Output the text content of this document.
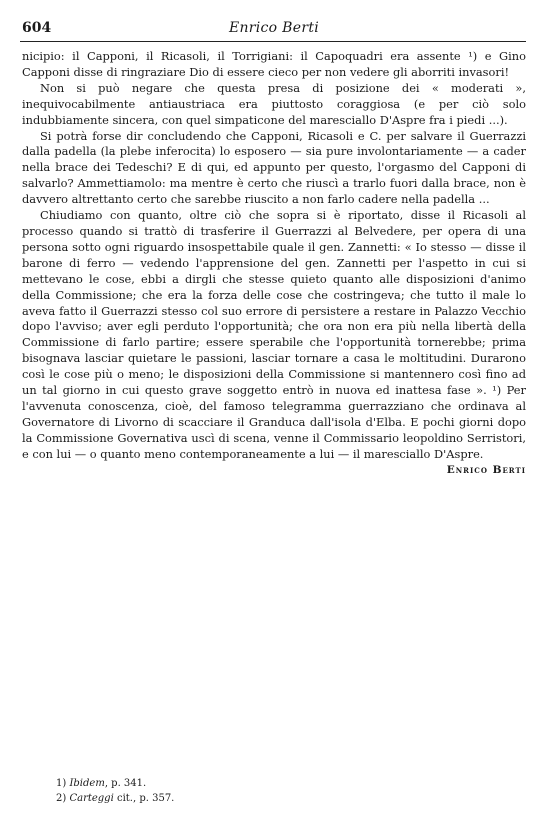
604	Enrico Berti

nicipio: il Capponi, il Ricasoli, il Torrigiani: il Capoquadri era assente ¹) e Gino Capponi disse di ringraziare Dio di essere cieco per non vedere gli aborriti invasori!

Non si può negare che questa presa di posizione dei « moderati », inequivocabilmente antiaustriaca era piuttosto coraggiosa (e per ciò solo indubbiamente sincera, con quel simpaticone del maresciallo D'Aspre fra i piedi ...).

Si potrà forse dir concludendo che Capponi, Ricasoli e C. per salvare il Guerrazzi dalla padella (la plebe inferocita) lo esposero — sia pure involontariamente — a cader nella brace dei Tedeschi? E di qui, ed appunto per questo, l'orgasmo del Capponi di salvarlo? Ammettiamolo: ma mentre è certo che riuscì a trarlo fuori dalla brace, non è davvero altrettanto certo che sarebbe riuscito a non farlo cadere nella padella ...

Chiudiamo con quanto, oltre ciò che sopra si è riportato, disse il Ricasoli al processo quando si trattò di trasferire il Guerrazzi al Belvedere, per opera di una persona sotto ogni riguardo insospettabile quale il gen. Zannetti: « Io stesso — disse il barone di ferro — vedendo l'apprensione del gen. Zannetti per l'aspetto in cui si mettevano le cose, ebbi a dirgli che stesse quieto quanto alle disposizioni d'animo della Commissione; che era la forza delle cose che costringeva; che tutto il male lo aveva fatto il Guerrazzi stesso col suo errore di persistere a restare in Palazzo Vecchio dopo l'avviso; aver egli perduto l'opportunità; che ora non era più nella libertà della Commissione di farlo partire; essere sperabile che l'opportunità tornerebbe; prima bisognava lasciar quietare le passioni, lasciar tornare a casa le moltitudini. Durarono così le cose più o meno; le disposizioni della Commissione si mantennero così fino ad un tal giorno in cui questo grave soggetto entrò in nuova ed inattesa fase ». ¹) Per l'avvenuta conoscenza, cioè, del famoso telegramma guerrazziano che ordinava al Governatore di Livorno di scacciare il Granduca dall'isola d'Elba. E pochi giorni dopo la Commissione Governativa uscì di scena, venne il Commissario leopoldino Serristori, e con lui — o quanto meno contemporaneamente a lui — il maresciallo D'Aspre.

Enrico Berti
1) Ibidem, p. 341.
2) Carteggi cit., p. 357.
